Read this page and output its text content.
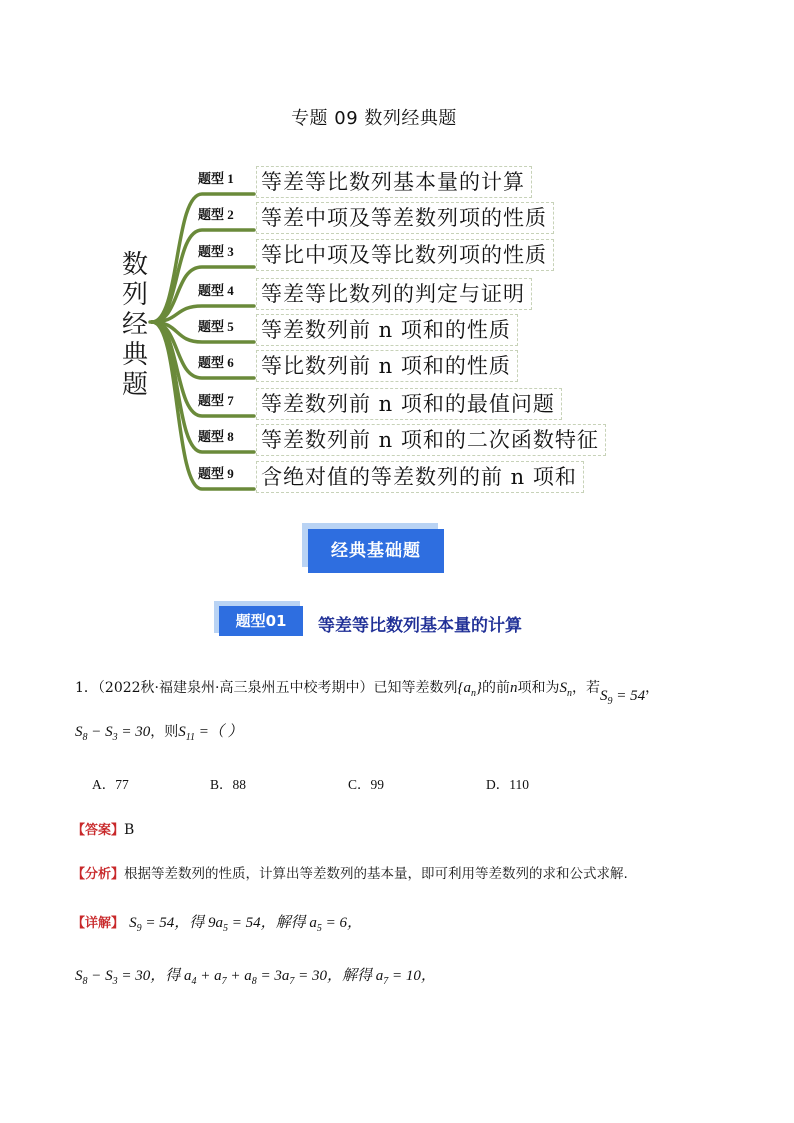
专题 09 数列经典题
数
列
经
典
题
题型 1 等差等比数列基本量的计算
题型 2 等差中项及等差数列项的性质
题型 3 等比中项及等比数列项的性质
题型 4 等差等比数列的判定与证明
题型 5 等差数列前 n 项和的性质
题型 6 等比数列前 n 项和的性质
题型 7 等差数列前 n 项和的最值问题
题型 8 等差数列前 n 项和的二次函数特征
题型 9 含绝对值的等差数列的前 n 项和
经典基础题
题型01	等差等比数列基本量的计算
1．（2022秋·福建泉州·高三泉州五中校考期中）已知等差数列$\{a_n\}$的前n项和为$S_n$，若$S_9 = 54$，
$S_8 - S_3 = 30$，则$S_{11}$ =（ ）
A．77	B．88	C．99	D．110
【答案】B
【分析】根据等差数列的性质，计算出等差数列的基本量，即可利用等差数列的求和公式求解.
【详解】 $S_9 = 54$，得 $9a_5 = 54$，解得 $a_5 = 6$，
$S_8 - S_3 = 30$，得 $a_4 + a_7 + a_8 = 3a_7 = 30$，解得 $a_7 = 10$，
